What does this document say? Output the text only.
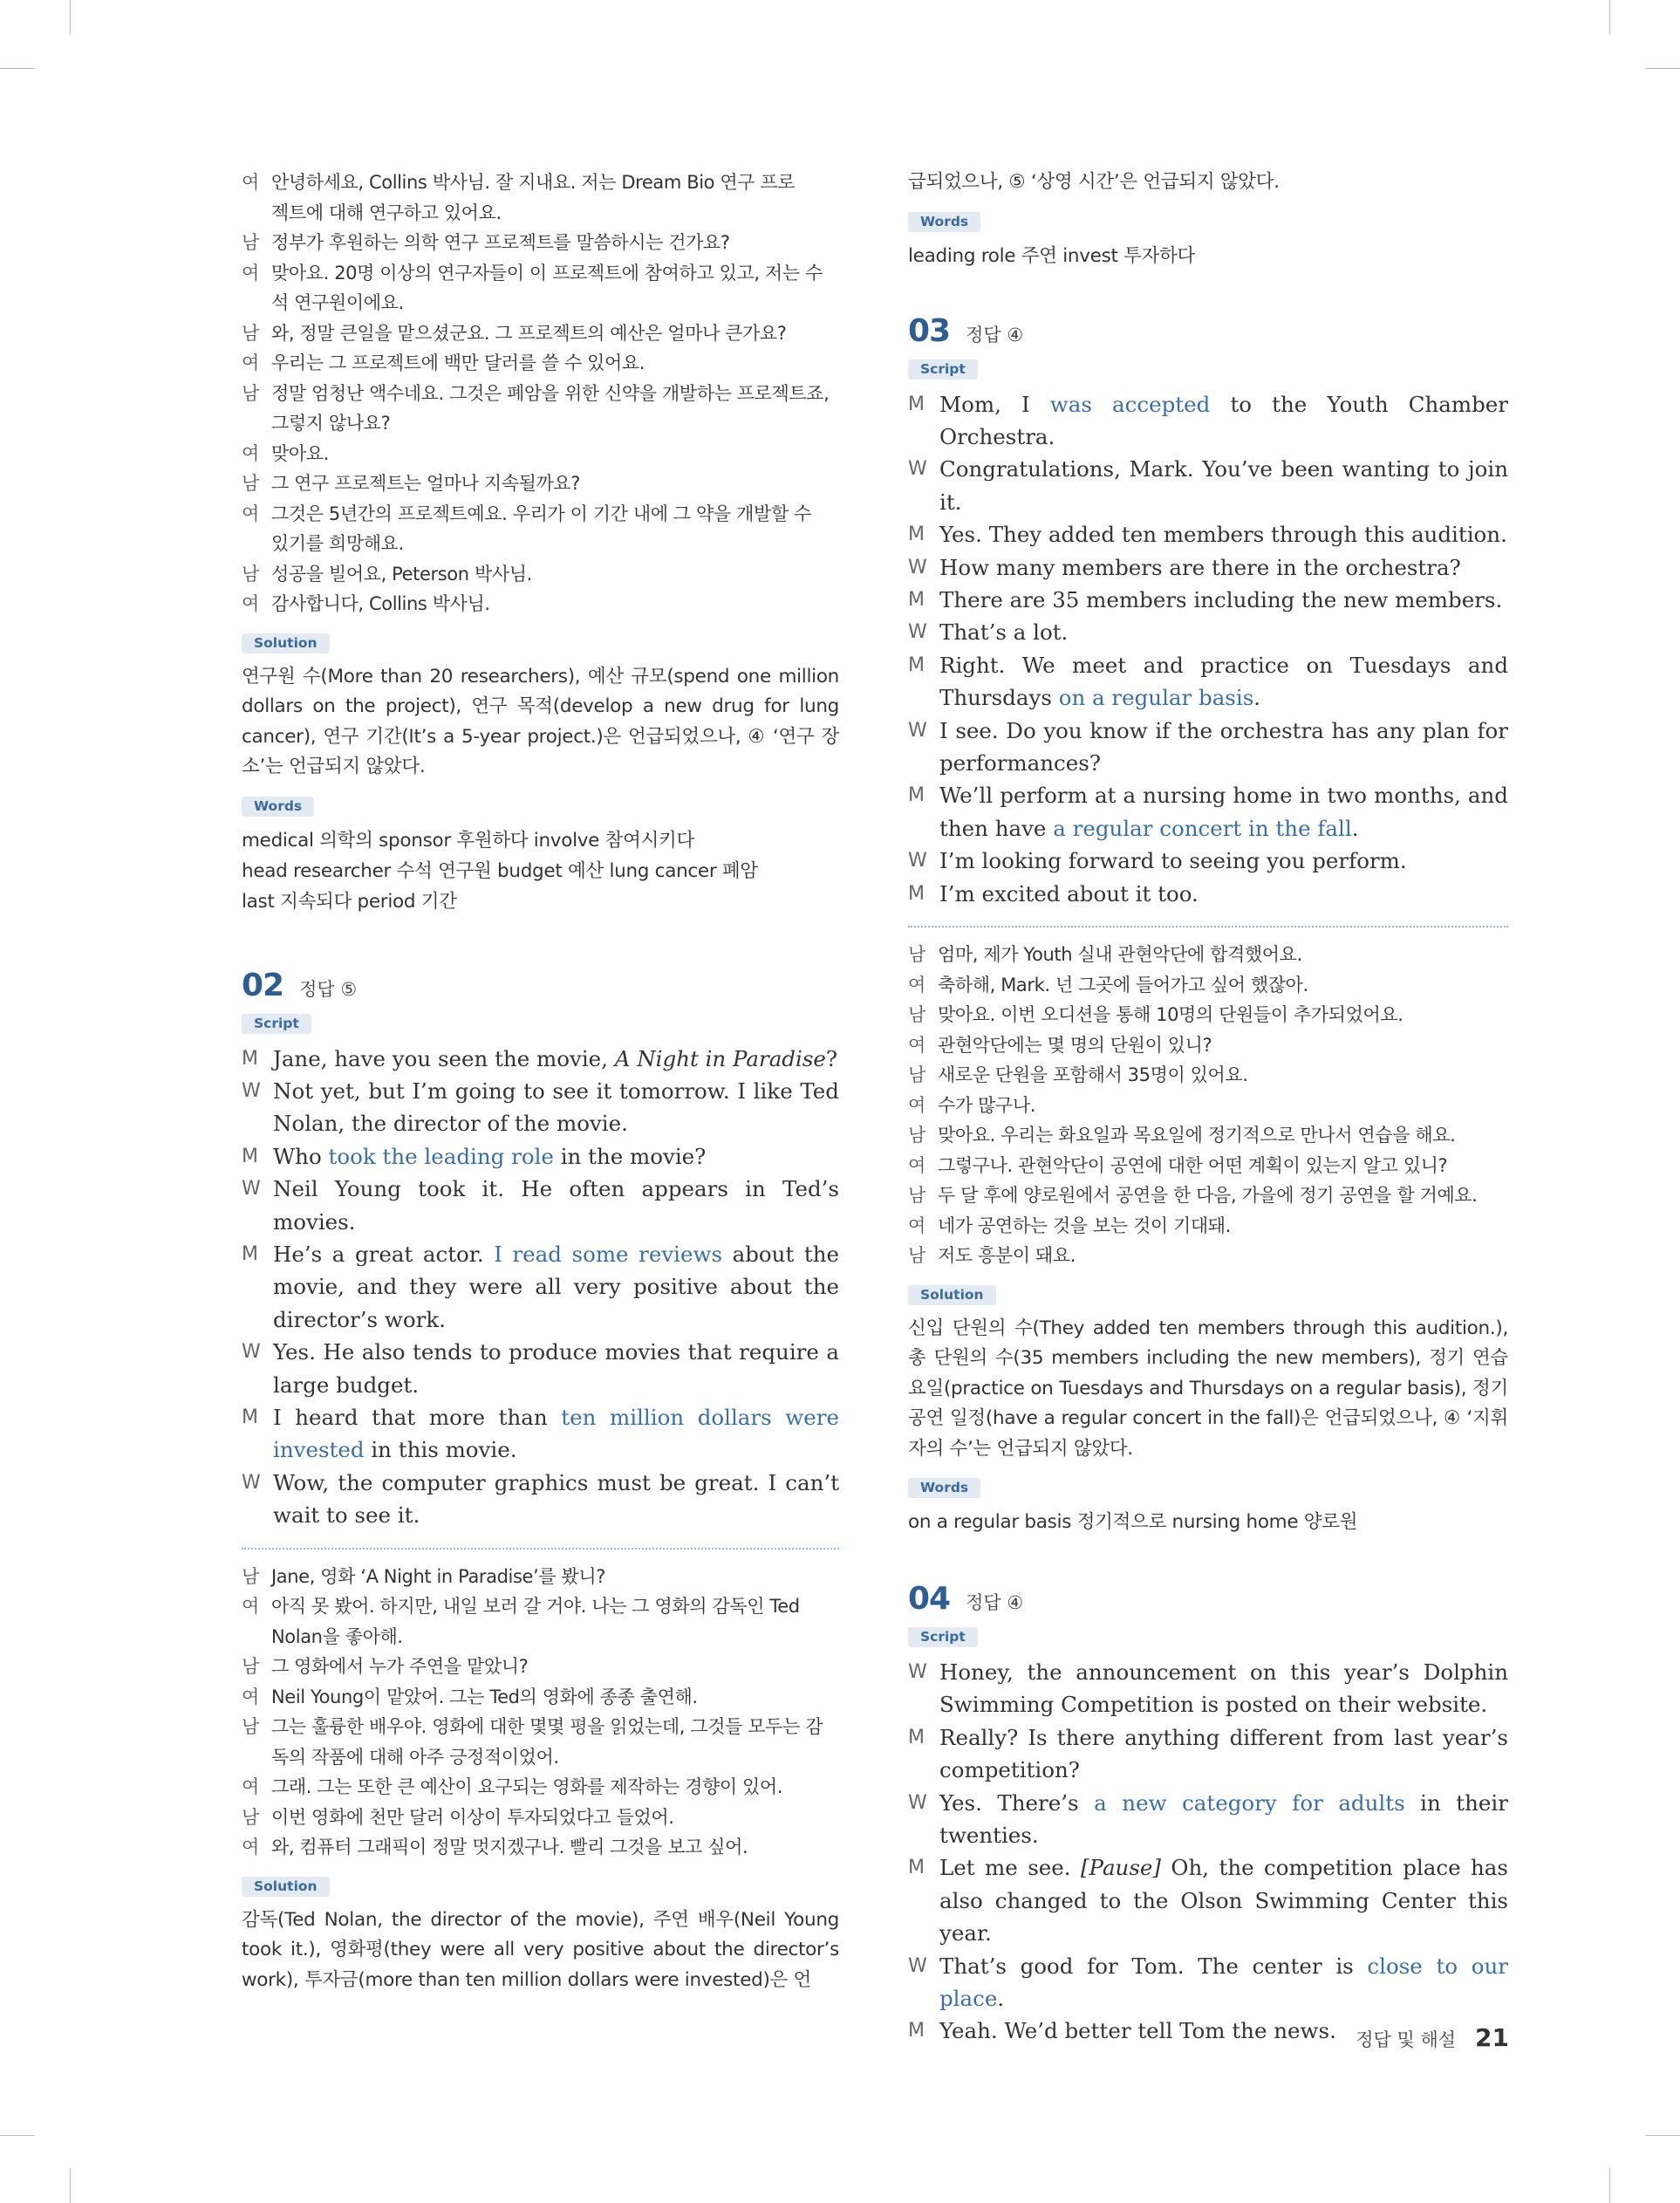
여 안녕하세요, Collins 박사님. 잘 지내요. 저는 Dream Bio 연구 프로
젝트에 대해 연구하고 있어요.
남 정부가 후원하는 의학 연구 프로젝트를 말씀하시는 건가요?
여 맞아요. 20명 이상의 연구자들이 이 프로젝트에 참여하고 있고, 저는 수
석 연구원이에요.
남 와, 정말 큰일을 맡으셨군요. 그 프로젝트의 예산은 얼마나 큰가요?
여 우리는 그 프로젝트에 백만 달러를 쓸 수 있어요.
남 정말 엄청난 액수네요. 그것은 폐암을 위한 신약을 개발하는 프로젝트죠,
그렇지 않나요?
여 맞아요.
남 그 연구 프로젝트는 얼마나 지속될까요?
여 그것은 5년간의 프로젝트예요. 우리가 이 기간 내에 그 약을 개발할 수
있기를 희망해요.
남 성공을 빌어요, Peterson 박사님.
여 감사합니다, Collins 박사님.
Solution
연구원 수(More than 20 researchers), 예산 규모(spend one million dollars on the project), 연구 목적(develop a new drug for lung cancer), 연구 기간(It’s a 5-year project.)은 언급되었으나, ④ ‘연구 장소’는 언급되지 않았다.
Words
medical 의학의 sponsor 후원하다 involve 참여시키다
head researcher 수석 연구원 budget 예산 lung cancer 폐암
last 지속되다 period 기간
02 정답 ⑤
Script
M Jane, have you seen the movie, A Night in Paradise?
W Not yet, but I’m going to see it tomorrow. I like Ted Nolan, the director of the movie.
M Who took the leading role in the movie?
W Neil Young took it. He often appears in Ted’s movies.
M He’s a great actor. I read some reviews about the movie, and they were all very positive about the director’s work.
W Yes. He also tends to produce movies that require a large budget.
M I heard that more than ten million dollars were invested in this movie.
W Wow, the computer graphics must be great. I can’t wait to see it.
남 Jane, 영화 ‘A Night in Paradise’를 봤니?
여 아직 못 봤어. 하지만, 내일 보러 갈 거야. 나는 그 영화의 감독인 Ted
Nolan을 좋아해.
남 그 영화에서 누가 주연을 맡았니?
여 Neil Young이 맡았어. 그는 Ted의 영화에 종종 출연해.
남 그는 훌륭한 배우야. 영화에 대한 몇몇 평을 읽었는데, 그것들 모두는 감
독의 작품에 대해 아주 긍정적이었어.
여 그래. 그는 또한 큰 예산이 요구되는 영화를 제작하는 경향이 있어.
남 이번 영화에 천만 달러 이상이 투자되었다고 들었어.
여 와, 컴퓨터 그래픽이 정말 멋지겠구나. 빨리 그것을 보고 싶어.
Solution
감독(Ted Nolan, the director of the movie), 주연 배우(Neil Young took it.), 영화평(they were all very positive about the director’s work), 투자금(more than ten million dollars were invested)은 언
급되었으나, ⑤ ‘상영 시간’은 언급되지 않았다.
Words
leading role 주연 invest 투자하다
03 정답 ④
Script
M Mom, I was accepted to the Youth Chamber Orchestra.
W Congratulations, Mark. You’ve been wanting to join it.
M Yes. They added ten members through this audition.
W How many members are there in the orchestra?
M There are 35 members including the new members.
W That’s a lot.
M Right. We meet and practice on Tuesdays and Thursdays on a regular basis.
W I see. Do you know if the orchestra has any plan for performances?
M We’ll perform at a nursing home in two months, and then have a regular concert in the fall.
W I’m looking forward to seeing you perform.
M I’m excited about it too.
남 엄마, 제가 Youth 실내 관현악단에 합격했어요.
여 축하해, Mark. 넌 그곳에 들어가고 싶어 했잖아.
남 맞아요. 이번 오디션을 통해 10명의 단원들이 추가되었어요.
여 관현악단에는 몇 명의 단원이 있니?
남 새로운 단원을 포함해서 35명이 있어요.
여 수가 많구나.
남 맞아요. 우리는 화요일과 목요일에 정기적으로 만나서 연습을 해요.
여 그렇구나. 관현악단이 공연에 대한 어떤 계획이 있는지 알고 있니?
남 두 달 후에 양로원에서 공연을 한 다음, 가을에 정기 공연을 할 거예요.
여 네가 공연하는 것을 보는 것이 기대돼.
남 저도 흥분이 돼요.
Solution
신입 단원의 수(They added ten members through this audition.), 총 단원의 수(35 members including the new members), 정기 연습 요일(practice on Tuesdays and Thursdays on a regular basis), 정기 공연 일정(have a regular concert in the fall)은 언급되었으나, ④ ‘지휘자의 수’는 언급되지 않았다.
Words
on a regular basis 정기적으로 nursing home 양로원
04 정답 ④
Script
W Honey, the announcement on this year’s Dolphin Swimming Competition is posted on their website.
M Really? Is there anything different from last year’s competition?
W Yes. There’s a new category for adults in their twenties.
M Let me see. [Pause] Oh, the competition place has also changed to the Olson Swimming Center this year.
W That’s good for Tom. The center is close to our place.
M Yeah. We’d better tell Tom the news.	정답 및 해설 21
